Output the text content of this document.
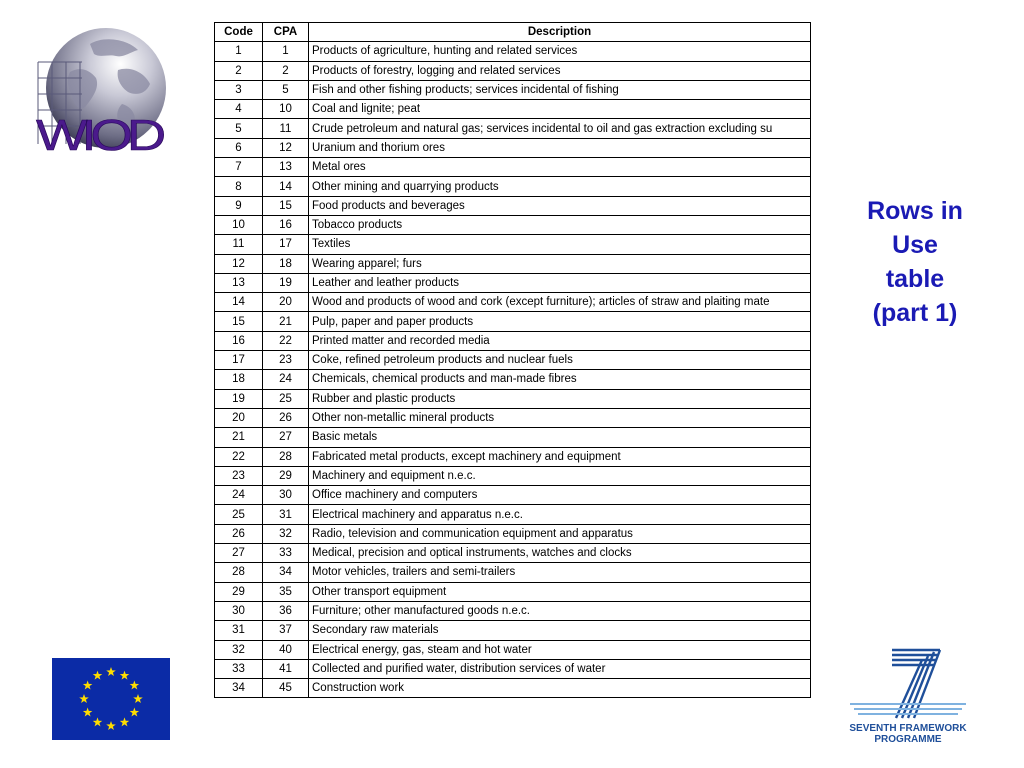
WIOD
Code	CPA	Description
1	1	Products of agriculture, hunting and related services
2	2	Products of forestry, logging and related services
3	5	Fish and other fishing products; services incidental of fishing
4	10	Coal and lignite; peat
5	11	Crude petroleum and natural gas; services incidental to oil and gas extraction excluding su
6	12	Uranium and thorium ores
7	13	Metal ores
8	14	Other mining and quarrying products
9	15	Food products and beverages
10	16	Tobacco products
11	17	Textiles
12	18	Wearing apparel; furs
13	19	Leather and leather products
14	20	Wood and products of wood and cork (except furniture); articles of straw and plaiting mate
15	21	Pulp, paper and paper products
16	22	Printed matter and recorded media
17	23	Coke, refined petroleum products and nuclear fuels
18	24	Chemicals, chemical products and man-made fibres
19	25	Rubber and plastic products
20	26	Other non-metallic mineral products
21	27	Basic metals
22	28	Fabricated metal products, except machinery and equipment
23	29	Machinery and equipment n.e.c.
24	30	Office machinery and computers
25	31	Electrical machinery and apparatus n.e.c.
26	32	Radio, television and communication equipment and apparatus
27	33	Medical, precision and optical instruments, watches and clocks
28	34	Motor vehicles, trailers and semi-trailers
29	35	Other transport equipment
30	36	Furniture; other manufactured goods n.e.c.
31	37	Secondary raw materials
32	40	Electrical energy, gas, steam and hot water
33	41	Collected and purified water, distribution services of water
34	45	Construction work
Rows in
Use
table
(part 1)
SEVENTH FRAMEWORK
PROGRAMME
